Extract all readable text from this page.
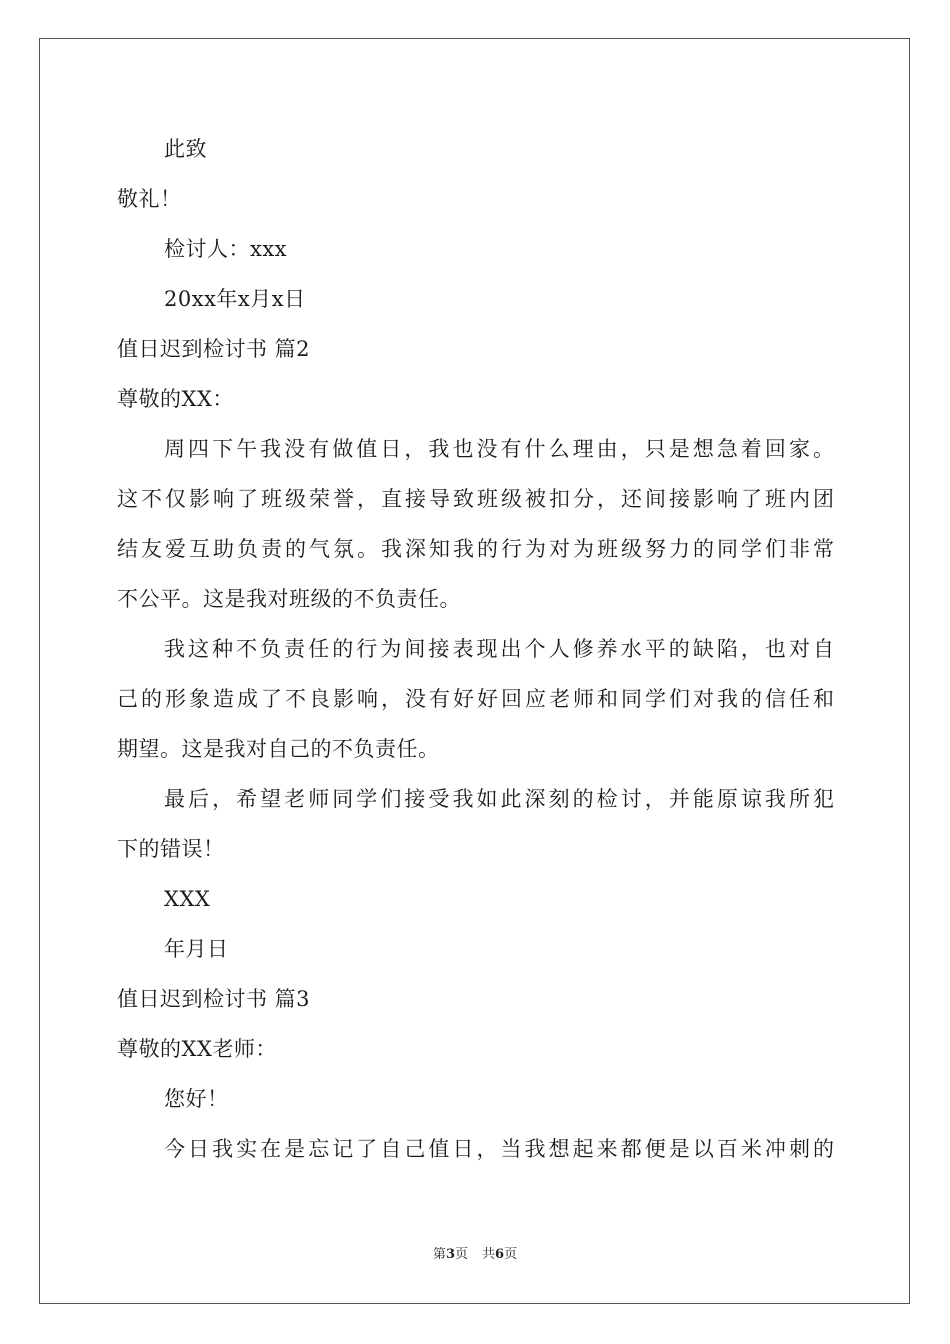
此致
敬礼！
检讨人：xxx
20xx年x月x日
值日迟到检讨书 篇2
尊敬的XX：
周四下午我没有做值日，我也没有什么理由，只是想急着回家。
这不仅影响了班级荣誉，直接导致班级被扣分，还间接影响了班内团
结友爱互助负责的气氛。我深知我的行为对为班级努力的同学们非常
不公平。这是我对班级的不负责任。
我这种不负责任的行为间接表现出个人修养水平的缺陷，也对自
己的形象造成了不良影响，没有好好回应老师和同学们对我的信任和
期望。这是我对自己的不负责任。
最后，希望老师同学们接受我如此深刻的检讨，并能原谅我所犯
下的错误！
XXX
年月日
值日迟到检讨书 篇3
尊敬的XX老师：
您好！
今日我实在是忘记了自己值日，当我想起来都便是以百米冲刺的
第3页 共6页
